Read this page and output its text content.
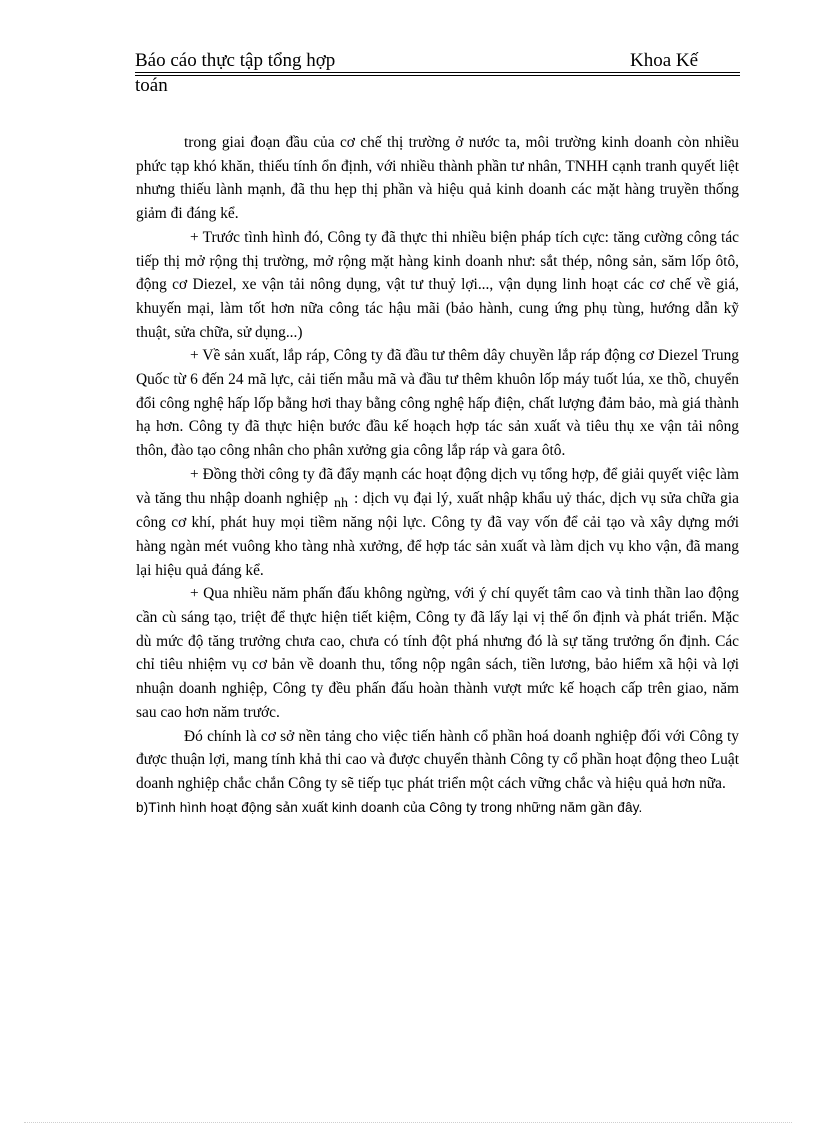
Báo cáo thực tập tổng hợp	Khoa Kế
toán

trong giai đoạn đầu của cơ chế thị trường ở nước ta, môi trường kinh doanh còn nhiều phức tạp khó khăn, thiếu tính ổn định, với nhiều thành phần tư nhân, TNHH cạnh tranh quyết liệt nhưng thiếu lành mạnh, đã thu hẹp thị phần và hiệu quả kinh doanh các mặt hàng truyền thống giảm đi đáng kể.

+ Trước tình hình đó, Công ty đã thực thi nhiều biện pháp tích cực: tăng cường công tác tiếp thị mở rộng thị trường, mở rộng mặt hàng kinh doanh như: sắt thép, nông sản, săm lốp ôtô, động cơ Diezel, xe vận tải nông dụng, vật tư thuỷ lợi..., vận dụng linh hoạt các cơ chế về giá, khuyến mại, làm tốt hơn nữa công tác hậu mãi (bảo hành, cung ứng phụ tùng, hướng dẫn kỹ thuật, sửa chữa, sử dụng...)

+ Về sản xuất, lắp ráp, Công ty đã đầu tư thêm dây chuyền lắp ráp động cơ Diezel Trung Quốc từ 6 đến 24 mã lực, cải tiến mẫu mã và đầu tư thêm khuôn lốp máy tuốt lúa, xe thồ, chuyển đổi công nghệ hấp lốp bằng hơi thay bằng công nghệ hấp điện, chất lượng đảm bảo, mà giá thành hạ hơn. Công ty đã thực hiện bước đầu kế hoạch hợp tác sản xuất và tiêu thụ xe vận tải nông thôn, đào tạo công nhân cho phân xưởng gia công lắp ráp và gara ôtô.

+ Đồng thời công ty đã đẩy mạnh các hoạt động dịch vụ tổng hợp, để giải quyết việc làm và tăng thu nhập doanh nghiệp nh : dịch vụ đại lý, xuất nhập khẩu uỷ thác, dịch vụ sửa chữa gia công cơ khí, phát huy mọi tiềm năng nội lực. Công ty đã vay vốn để cải tạo và xây dựng mới hàng ngàn mét vuông kho tàng nhà xưởng, để hợp tác sản xuất và làm dịch vụ kho vận, đã mang lại hiệu quả đáng kể.

+ Qua nhiều năm phấn đấu không ngừng, với ý chí quyết tâm cao và tinh thần lao động cần cù sáng tạo, triệt để thực hiện tiết kiệm, Công ty đã lấy lại vị thế ổn định và phát triển. Mặc dù mức độ tăng trưởng chưa cao, chưa có tính đột phá nhưng đó là sự tăng trưởng ổn định. Các chỉ tiêu nhiệm vụ cơ bản về doanh thu, tổng nộp ngân sách, tiền lương, bảo hiểm xã hội và lợi nhuận doanh nghiệp, Công ty đều phấn đấu hoàn thành vượt mức kế hoạch cấp trên giao, năm sau cao hơn năm trước.

Đó chính là cơ sở nền tảng cho việc tiến hành cổ phần hoá doanh nghiệp đối với Công ty được thuận lợi, mang tính khả thi cao và được chuyển thành Công ty cổ phần hoạt động theo Luật doanh nghiệp chắc chắn Công ty sẽ tiếp tục phát triển một cách vững chắc và hiệu quả hơn nữa.

b)Tình hình hoạt động sản xuất kinh doanh của Công ty trong những năm gần đây.
